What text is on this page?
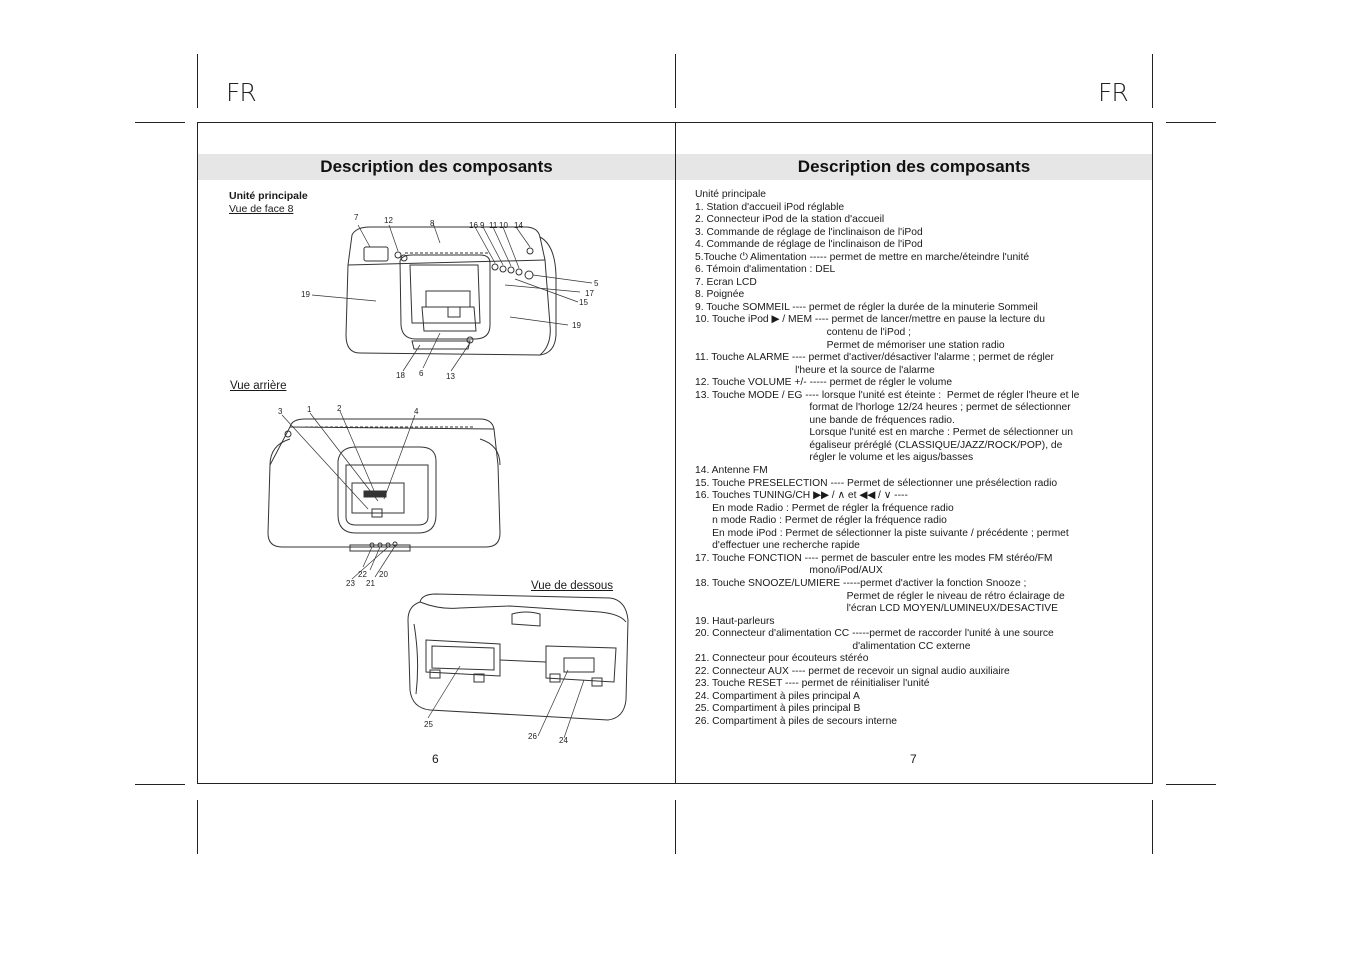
FR	FR
Description des composants	Description des composants
Unité principale
Vue de face 8
7	12	8	16 9 11 10 14
5
17
15
19
19
18 6	13
Vue arrière
3	1	2	4
22 20
23 21	Vue de dessous
25
26	24
6
Unité principale
1. Station d'accueil iPod réglable
2. Connecteur iPod de la station d'accueil
3. Commande de réglage de l'inclinaison de l'iPod
4. Commande de réglage de l'inclinaison de l'iPod
5.Touche ⏻ Alimentation ----- permet de mettre en marche/éteindre l'unité
6. Témoin d'alimentation : DEL
7. Ecran LCD
8. Poignée
9. Touche SOMMEIL ---- permet de régler la durée de la minuterie Sommeil
10. Touche iPod ▶ / MEM ---- permet de lancer/mettre en pause la lecture du
contenu de l'iPod ;
Permet de mémoriser une station radio
11. Touche ALARME ---- permet d'activer/désactiver l'alarme ; permet de régler
l'heure et la source de l'alarme
12. Touche VOLUME +/- ----- permet de régler le volume
13. Touche MODE / EG ---- lorsque l'unité est éteinte :  Permet de régler l'heure et le
format de l'horloge 12/24 heures ; permet de sélectionner
une bande de fréquences radio.
Lorsque l'unité est en marche : Permet de sélectionner un
égaliseur préréglé (CLASSIQUE/JAZZ/ROCK/POP), de
régler le volume et les aigus/basses
14. Antenne FM
15. Touche PRESELECTION ---- Permet de sélectionner une présélection radio
16. Touches TUNING/CH ▶▶ / ∧ et ◀◀ / ∨ ----
En mode Radio : Permet de régler la fréquence radio
n mode Radio : Permet de régler la fréquence radio
En mode iPod : Permet de sélectionner la piste suivante / précédente ; permet
d'effectuer une recherche rapide
17. Touche FONCTION ---- permet de basculer entre les modes FM stéréo/FM
mono/iPod/AUX
18. Touche SNOOZE/LUMIERE -----permet d'activer la fonction Snooze ;
Permet de régler le niveau de rétro éclairage de
l'écran LCD MOYEN/LUMINEUX/DESACTIVE
19. Haut-parleurs
20. Connecteur d'alimentation CC -----permet de raccorder l'unité à une source
d'alimentation CC externe
21. Connecteur pour écouteurs stéréo
22. Connecteur AUX ---- permet de recevoir un signal audio auxiliaire
23. Touche RESET ---- permet de réinitialiser l'unité
24. Compartiment à piles principal A
25. Compartiment à piles principal B
26. Compartiment à piles de secours interne
7
